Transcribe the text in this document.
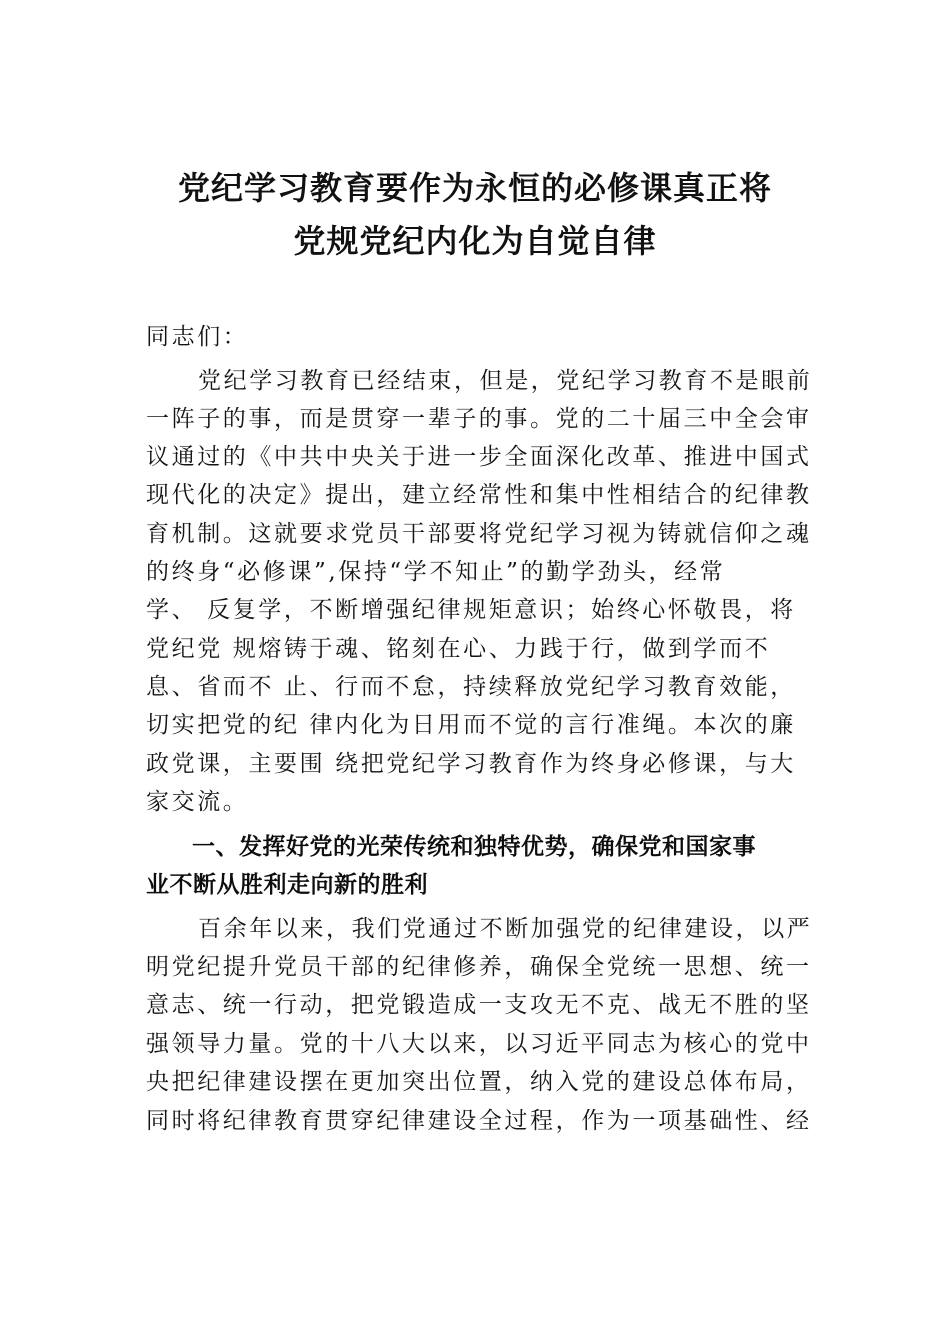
党纪学习教育要作为永恒的必修课真正将
党规党纪内化为自觉自律
同志们：
党纪学习教育已经结束，但是，党纪学习教育不是眼前
一阵子的事，而是贯穿一辈子的事。党的二十届三中全会审
议通过的《中共中央关于进一步全面深化改革、推进中国式
现代化的决定》提出，建立经常性和集中性相结合的纪律教
育机制。这就要求党员干部要将党纪学习视为铸就信仰之魂
的终身“必修课”,保持“学不知止”的勤学劲头，经常
学、 反复学，不断增强纪律规矩意识；始终心怀敬畏，将
党纪党 规熔铸于魂、铭刻在心、力践于行，做到学而不
息、省而不 止、行而不怠，持续释放党纪学习教育效能，
切实把党的纪 律内化为日用而不觉的言行准绳。本次的廉
政党课，主要围 绕把党纪学习教育作为终身必修课，与大
家交流。
一、发挥好党的光荣传统和独特优势，确保党和国家事
业不断从胜利走向新的胜利
百余年以来，我们党通过不断加强党的纪律建设，以严
明党纪提升党员干部的纪律修养，确保全党统一思想、统一
意志、统一行动，把党锻造成一支攻无不克、战无不胜的坚
强领导力量。党的十八大以来，以习近平同志为核心的党中
央把纪律建设摆在更加突出位置，纳入党的建设总体布局，
同时将纪律教育贯穿纪律建设全过程，作为一项基础性、经
